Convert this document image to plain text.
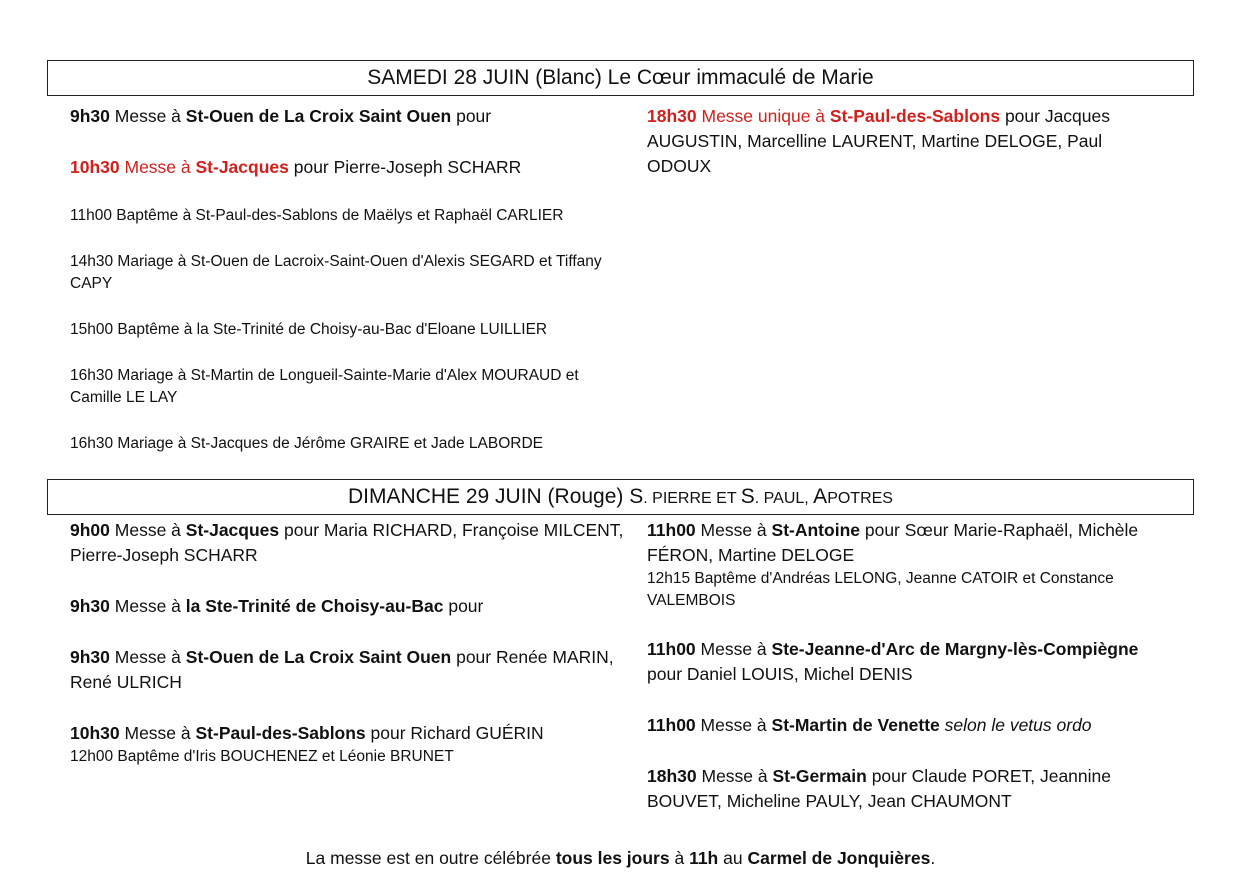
SAMEDI 28 JUIN (Blanc) Le Cœur immaculé de Marie

9h30 Messe à St-Ouen de La Croix Saint Ouen pour

10h30 Messe à St-Jacques pour Pierre-Joseph SCHARR

11h00 Baptême à St-Paul-des-Sablons de Maëlys et Raphaël CARLIER

14h30 Mariage à St-Ouen de Lacroix-Saint-Ouen d'Alexis SEGARD et Tiffany CAPY

15h00 Baptême à la Ste-Trinité de Choisy-au-Bac d'Eloane LUILLIER

16h30 Mariage à St-Martin de Longueil-Sainte-Marie d'Alex MOURAUD et Camille LE LAY

16h30 Mariage à St-Jacques de Jérôme GRAIRE et Jade LABORDE

18h30 Messe unique à St-Paul-des-Sablons pour Jacques AUGUSTIN, Marcelline LAURENT, Martine DELOGE, Paul ODOUX

DIMANCHE 29 JUIN (Rouge) S. PIERRE ET S. PAUL, APOTRES

9h00 Messe à St-Jacques pour Maria RICHARD, Françoise MILCENT, Pierre-Joseph SCHARR

9h30 Messe à la Ste-Trinité de Choisy-au-Bac pour

9h30 Messe à St-Ouen de La Croix Saint Ouen pour Renée MARIN, René ULRICH

10h30 Messe à St-Paul-des-Sablons pour Richard GUÉRIN

12h00 Baptême d'Iris BOUCHENEZ et Léonie BRUNET

11h00 Messe à St-Antoine pour Sœur Marie-Raphaël, Michèle FÉRON, Martine DELOGE

12h15 Baptême d'Andréas LELONG, Jeanne CATOIR et Constance VALEMBOIS

11h00 Messe à Ste-Jeanne-d'Arc de Margny-lès-Compiègne pour Daniel LOUIS, Michel DENIS

11h00 Messe à St-Martin de Venette selon le vetus ordo

18h30 Messe à St-Germain pour Claude PORET, Jeannine BOUVET, Micheline PAULY, Jean CHAUMONT

La messe est en outre célébrée tous les jours à 11h au Carmel de Jonquières.
